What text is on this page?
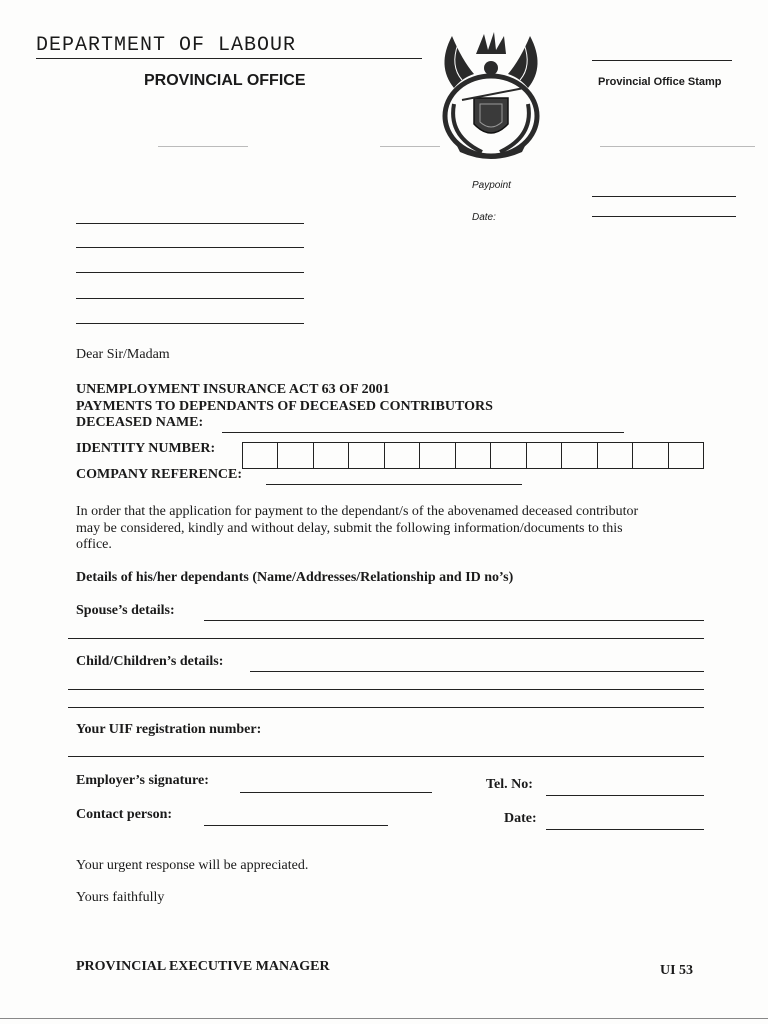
DEPARTMENT OF LABOUR
PROVINCIAL OFFICE	Provincial Office Stamp
Paypoint
Date:
Dear Sir/Madam
UNEMPLOYMENT INSURANCE ACT 63 OF 2001
PAYMENTS TO DEPENDANTS OF DECEASED CONTRIBUTORS
DECEASED NAME:
IDENTITY NUMBER:
COMPANY REFERENCE:
In order that the application for payment to the dependant/s of the abovenamed deceased contributor
may be considered, kindly and without delay, submit the following information/documents to this
office.
Details of his/her dependants (Name/Addresses/Relationship and ID no’s)
Spouse’s details:
Child/Children’s details:
Your UIF registration number:
Employer’s signature:	Tel. No:
Contact person:	Date:
Your urgent response will be appreciated.
Yours faithfully
PROVINCIAL EXECUTIVE MANAGER	UI 53
